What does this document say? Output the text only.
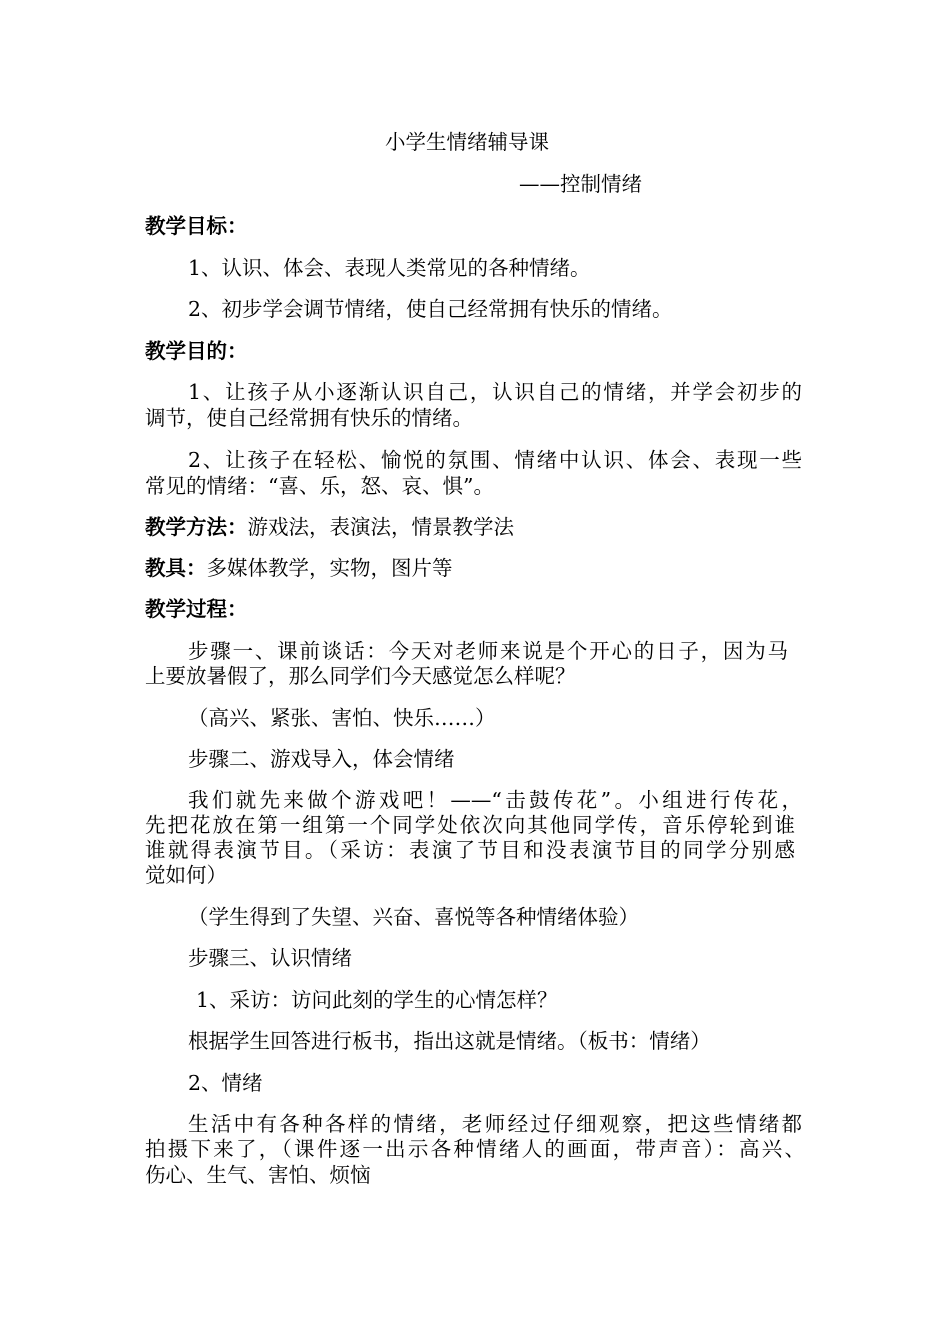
小学生情绪辅导课

——控制情绪

教学目标：

1、认识、体会、表现人类常见的各种情绪。

2、初步学会调节情绪，使自己经常拥有快乐的情绪。

教学目的：

1、让孩子从小逐渐认识自己，认识自己的情绪，并学会初步的

调节，使自己经常拥有快乐的情绪。

2、让孩子在轻松、愉悦的氛围、情绪中认识、体会、表现一些

常见的情绪：“喜、乐，怒、哀、惧”。

教学方法：游戏法，表演法，情景教学法

教具：多媒体教学，实物，图片等

教学过程：

步骤一、课前谈话：今天对老师来说是个开心的日子，因为马

上要放暑假了，那么同学们今天感觉怎么样呢？

（高兴、紧张、害怕、快乐……）

步骤二、游戏导入，体会情绪

我们就先来做个游戏吧！——“击鼓传花”。小组进行传花，

先把花放在第一组第一个同学处依次向其他同学传，音乐停轮到谁

谁就得表演节目。（采访：表演了节目和没表演节目的同学分别感

觉如何）

（学生得到了失望、兴奋、喜悦等各种情绪体验）

步骤三、认识情绪

1、采访：访问此刻的学生的心情怎样？

根据学生回答进行板书，指出这就是情绪。（板书：情绪）

2、情绪

生活中有各种各样的情绪，老师经过仔细观察，把这些情绪都

拍摄下来了，（课件逐一出示各种情绪人的画面，带声音）：高兴、

伤心、生气、害怕、烦恼
